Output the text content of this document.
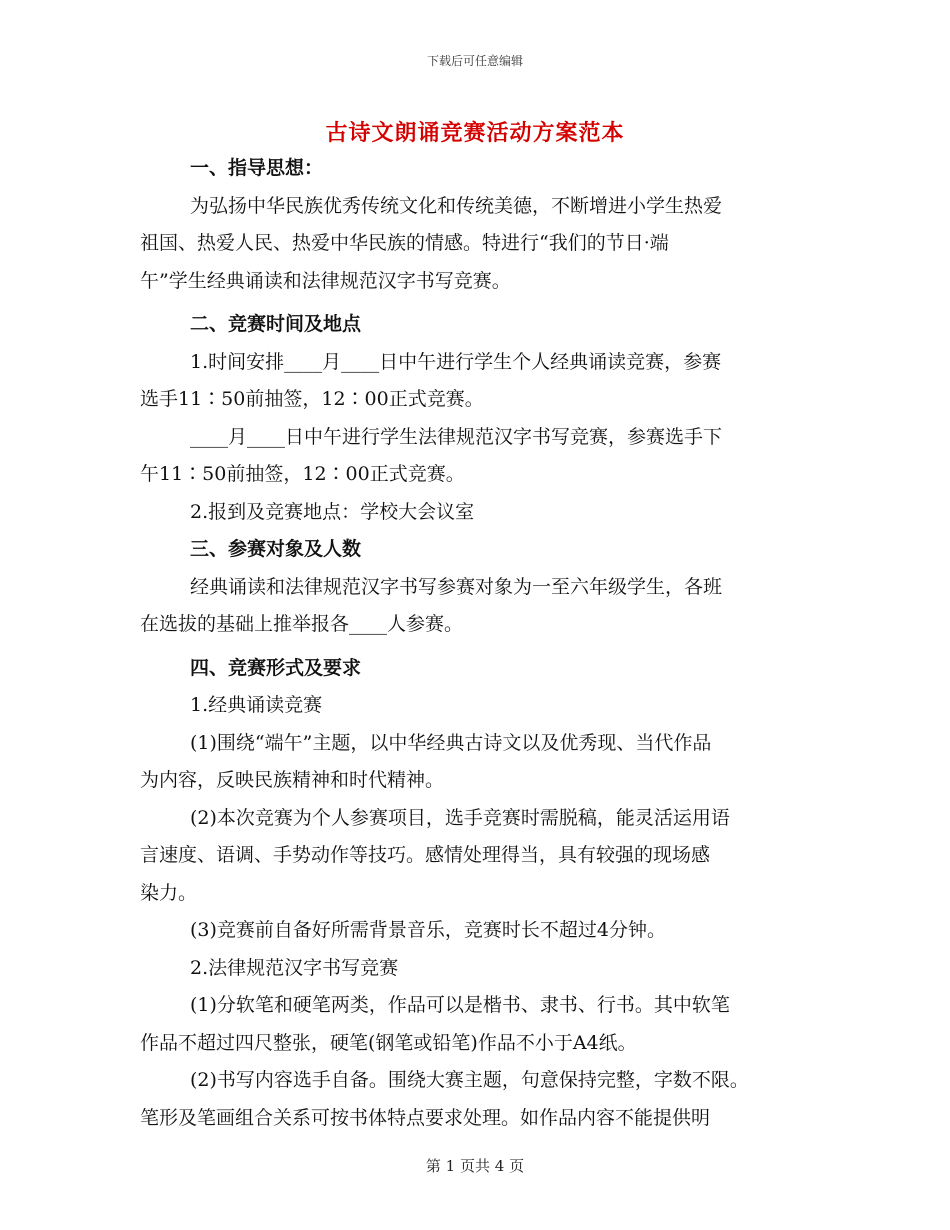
下载后可任意编辑
古诗文朗诵竞赛活动方案范本

一、指导思想：

为弘扬中华民族优秀传统文化和传统美德，不断增进小学生热爱

祖国、热爱人民、热爱中华民族的情感。特进行“我们的节日·端

午”学生经典诵读和法律规范汉字书写竞赛。

二、竞赛时间及地点

1.时间安排____月____日中午进行学生个人经典诵读竞赛，参赛

选手11∶50前抽签，12∶00正式竞赛。

____月____日中午进行学生法律规范汉字书写竞赛，参赛选手下

午11∶50前抽签，12∶00正式竞赛。

2.报到及竞赛地点：学校大会议室

三、参赛对象及人数

经典诵读和法律规范汉字书写参赛对象为一至六年级学生，各班

在选拔的基础上推举报各____人参赛。

四、竞赛形式及要求

1.经典诵读竞赛

(1)围绕“端午”主题，以中华经典古诗文以及优秀现、当代作品

为内容，反映民族精神和时代精神。

(2)本次竞赛为个人参赛项目，选手竞赛时需脱稿，能灵活运用语

言速度、语调、手势动作等技巧。感情处理得当，具有较强的现场感

染力。

(3)竞赛前自备好所需背景音乐，竞赛时长不超过4分钟。

2.法律规范汉字书写竞赛

(1)分软笔和硬笔两类，作品可以是楷书、隶书、行书。其中软笔

作品不超过四尺整张，硬笔(钢笔或铅笔)作品不小于A4纸。

(2)书写内容选手自备。围绕大赛主题，句意保持完整，字数不限。

笔形及笔画组合关系可按书体特点要求处理。如作品内容不能提供明

第 1 页共 4 页
